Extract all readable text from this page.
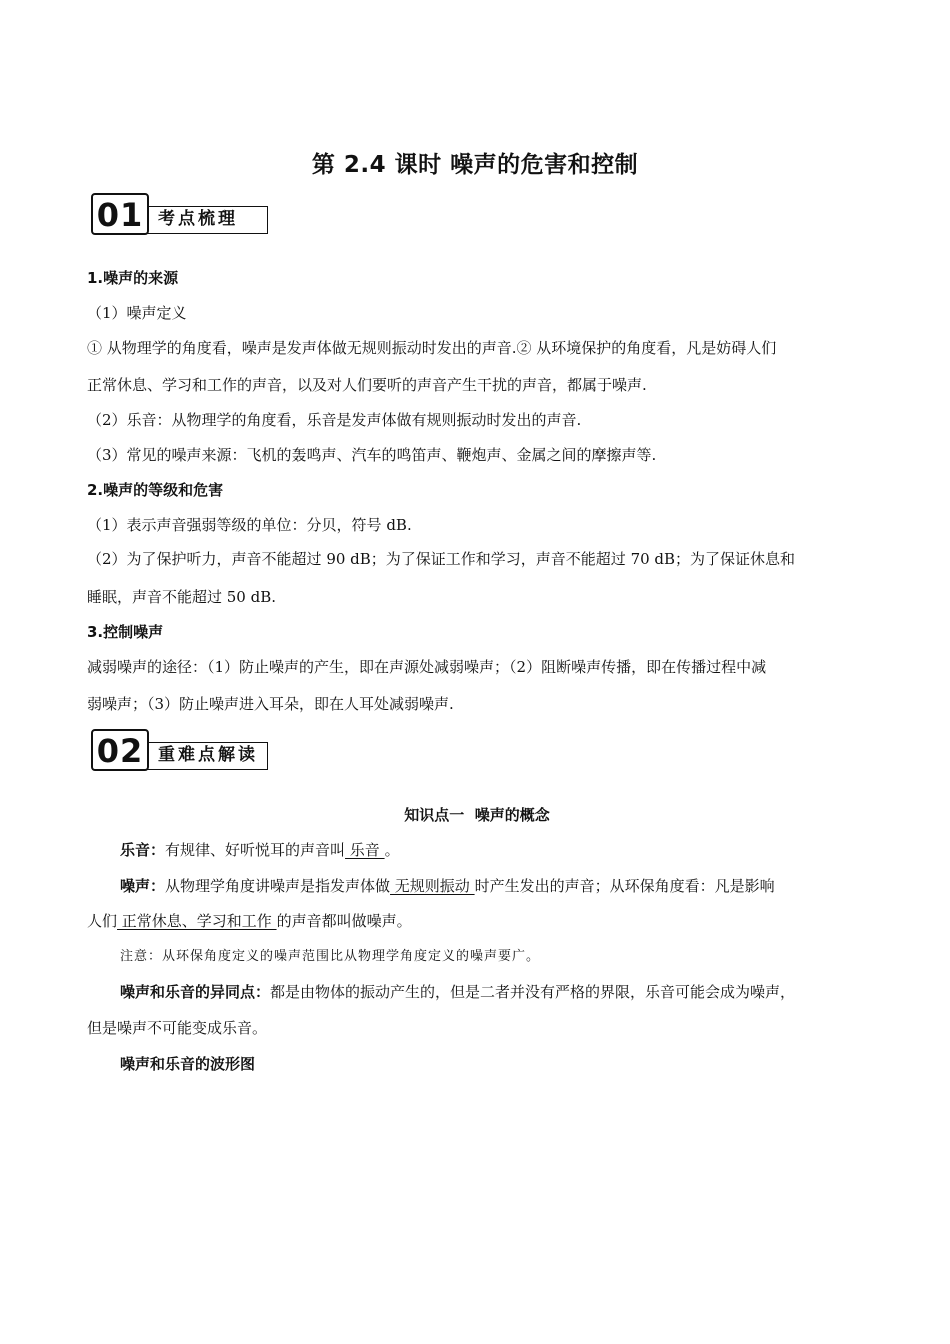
第 2.4 课时 噪声的危害和控制
01 考点梳理
1.噪声的来源
（1）噪声定义
① 从物理学的角度看，噪声是发声体做无规则振动时发出的声音.② 从环境保护的角度看，凡是妨碍人们
正常休息、学习和工作的声音，以及对人们要听的声音产生干扰的声音，都属于噪声.
（2）乐音：从物理学的角度看，乐音是发声体做有规则振动时发出的声音.
（3）常见的噪声来源：飞机的轰鸣声、汽车的鸣笛声、鞭炮声、金属之间的摩擦声等.
2.噪声的等级和危害
（1）表示声音强弱等级的单位：分贝，符号 dB.
（2）为了保护听力，声音不能超过 90 dB；为了保证工作和学习，声音不能超过 70 dB；为了保证休息和
睡眠，声音不能超过 50 dB.
3.控制噪声
减弱噪声的途径：（1）防止噪声的产生，即在声源处减弱噪声；（2）阻断噪声传播，即在传播过程中减
弱噪声；（3）防止噪声进入耳朵，即在人耳处减弱噪声.
02 重难点解读
知识点一  噪声的概念
乐音：有规律、好听悦耳的声音叫 乐音 。
噪声：从物理学角度讲噪声是指发声体做 无规则振动 时产生发出的声音；从环保角度看：凡是影响
人们 正常休息、学习和工作 的声音都叫做噪声。
注意：从环保角度定义的噪声范围比从物理学角度定义的噪声要广。
噪声和乐音的异同点：都是由物体的振动产生的，但是二者并没有严格的界限，乐音可能会成为噪声，
但是噪声不可能变成乐音。
噪声和乐音的波形图
